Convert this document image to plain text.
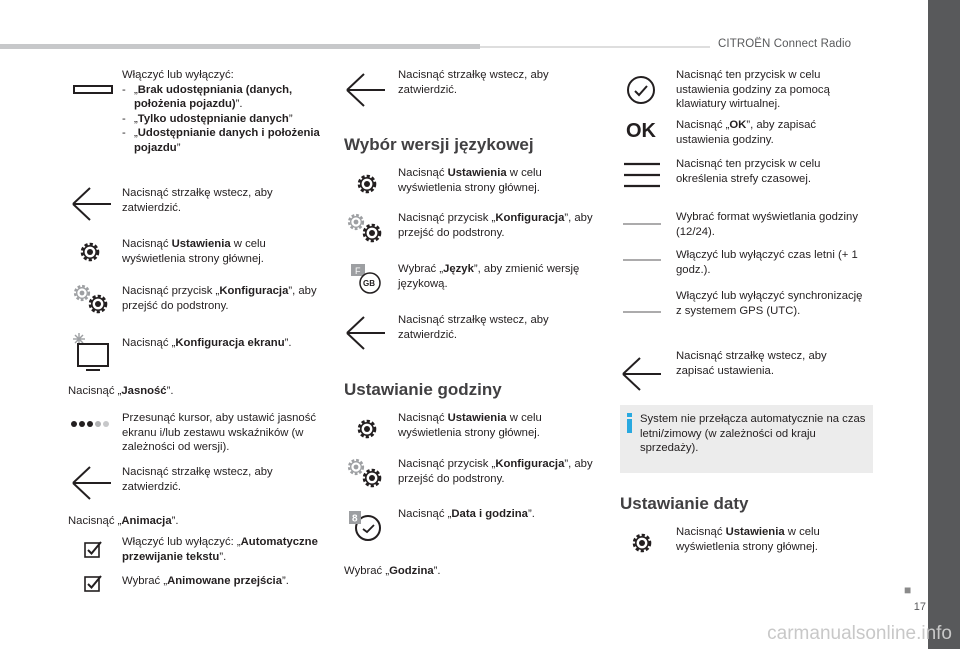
CITROËN Connect Radio
■
17
Włączyć lub wyłączyć:
- „Brak udostępniania (danych, położenia pojazdu)”.
- „Tylko udostępnianie danych”
- „Udostępnianie danych i położenia pojazdu”
Nacisnąć strzałkę wstecz, aby zatwierdzić.
Nacisnąć Ustawienia w celu wyświetlenia strony głównej.
Nacisnąć przycisk „Konfiguracja”, aby przejść do podstrony.
Nacisnąć „Konfiguracja ekranu”.
Nacisnąć „Jasność”.
Przesunąć kursor, aby ustawić jasność ekranu i/lub zestawu wskaźników (w zależności od wersji).
Nacisnąć strzałkę wstecz, aby zatwierdzić.
Nacisnąć „Animacja”.
Włączyć lub wyłączyć: „Automatyczne przewijanie tekstu”.
Wybrać „Animowane przejścia”.
Nacisnąć strzałkę wstecz, aby zatwierdzić.
Wybór wersji językowej
Nacisnąć Ustawienia w celu wyświetlenia strony głównej.
Nacisnąć przycisk „Konfiguracja”, aby przejść do podstrony.
F
GB
Wybrać „Język”, aby zmienić wersję językową.
Nacisnąć strzałkę wstecz, aby zatwierdzić.
Ustawianie godziny
Nacisnąć Ustawienia w celu wyświetlenia strony głównej.
Nacisnąć przycisk „Konfiguracja”, aby przejść do podstrony.
8	Nacisnąć „Data i godzina”.
Wybrać „Godzina”.
Nacisnąć ten przycisk w celu ustawienia godziny za pomocą klawiatury wirtualnej.
OK Nacisnąć „OK”, aby zapisać ustawienia godziny.
Nacisnąć ten przycisk w celu określenia strefy czasowej.
Wybrać format wyświetlania godziny (12/24).
Włączyć lub wyłączyć czas letni (+ 1 godz.).
Włączyć lub wyłączyć synchronizację z systemem GPS (UTC).
Nacisnąć strzałkę wstecz, aby zapisać ustawienia.
System nie przełącza automatycznie na czas letni/zimowy (w zależności od kraju sprzedaży).
Ustawianie daty
Nacisnąć Ustawienia w celu wyświetlenia strony głównej.
carmanualsonline.info
